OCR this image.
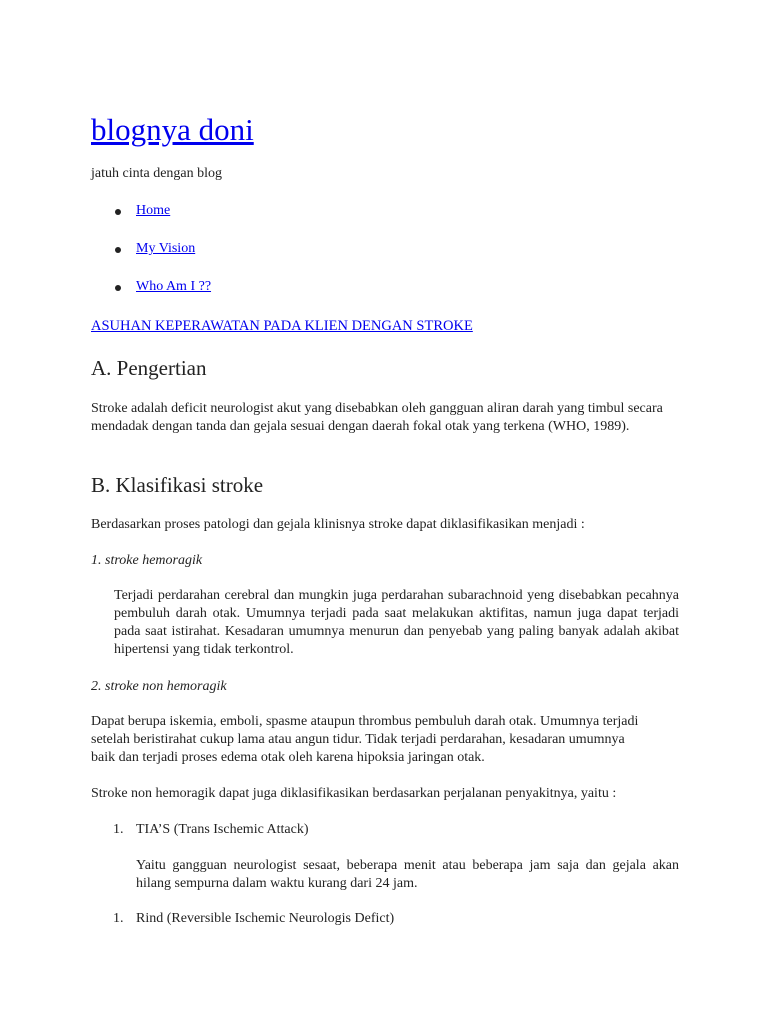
blognya doni

jatuh cinta dengan blog

Home
My Vision
Who Am I ??
ASUHAN KEPERAWATAN PADA KLIEN DENGAN STROKE
A. Pengertian

Stroke adalah deficit neurologist akut yang disebabkan oleh gangguan aliran darah yang timbul secara mendadak dengan tanda dan gejala sesuai dengan daerah fokal otak yang terkena (WHO, 1989).

B. Klasifikasi stroke

Berdasarkan proses patologi dan gejala klinisnya stroke dapat diklasifikasikan menjadi :

1. stroke hemoragik

Terjadi perdarahan cerebral dan mungkin juga perdarahan subarachnoid yeng disebabkan pecahnya pembuluh darah otak. Umumnya terjadi pada saat melakukan aktifitas, namun juga dapat terjadi pada saat istirahat. Kesadaran umumnya menurun dan penyebab yang paling banyak adalah akibat hipertensi yang tidak terkontrol.

2. stroke non hemoragik

Dapat berupa iskemia, emboli, spasme ataupun thrombus pembuluh darah otak. Umumnya terjadi setelah beristirahat cukup lama atau angun tidur. Tidak terjadi perdarahan, kesadaran umumnya baik dan terjadi proses edema otak oleh karena hipoksia jaringan otak.

Stroke non hemoragik dapat juga diklasifikasikan berdasarkan perjalanan penyakitnya, yaitu :

1. TIA’S (Trans Ischemic Attack)

Yaitu gangguan neurologist sesaat, beberapa menit atau beberapa jam saja dan gejala akan hilang sempurna dalam waktu kurang dari 24 jam.

1. Rind (Reversible Ischemic Neurologis Defict)
